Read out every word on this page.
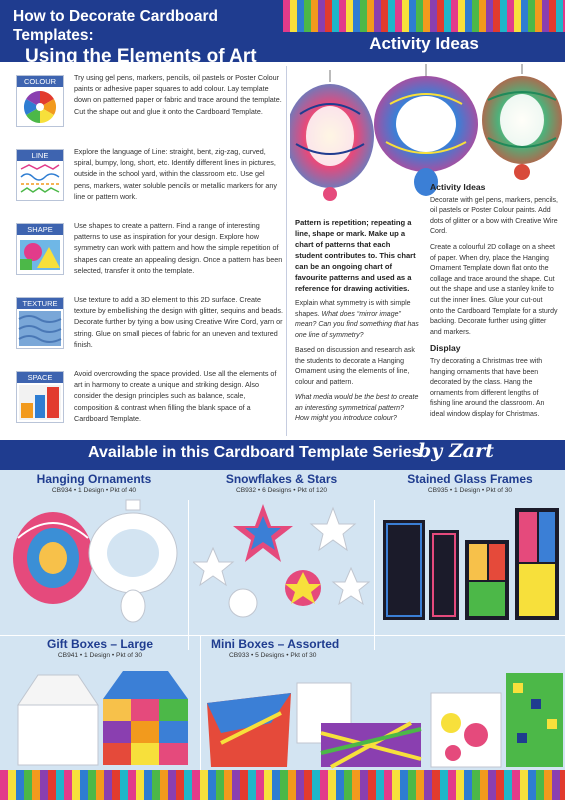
How to Decorate Cardboard Templates:
Using the Elements of Art
Activity Ideas
COLOUR	Try using gel pens, markers, pencils, oil pastels or Poster Colour paints or adhesive paper squares to add colour. Lay template down on patterned paper or fabric and trace around the template. Cut the shape out and glue it onto the Cardboard Template.
LINE	Explore the language of Line: straight, bent, zig-zag, curved, spiral, bumpy, long, short, etc. Identify different lines in pictures, outside in the school yard, within the classroom etc. Use gel pens, markers, water soluble pencils or metallic markers for any line or pattern work.
SHAPE	Use shapes to create a pattern. Find a range of interesting patterns to use as inspiration for your design. Explore how symmetry can work with pattern and how the simple repetition of shapes can create an appealing design. Once a pattern has been selected, transfer it onto the template.
TEXTURE	Use texture to add a 3D element to this 2D surface. Create texture by embellishing the design with glitter, sequins and beads. Decorate further by tying a bow using Creative Wire Cord, yarn or string. Glue on small pieces of fabric for an uneven and textured finish.
SPACE	Avoid overcrowding the space provided. Use all the elements of art in harmony to create a unique and striking design. Also consider the design principles such as balance, scale, composition & contrast when filling the blank space of a Cardboard Template.
Pattern is repetition; repeating a line, shape or mark. Make up a chart of patterns that each student contributes to. This chart can be an ongoing chart of favourite patterns and used as a reference for drawing activities.

Explain what symmetry is with simple shapes. What does “mirror image” mean? Can you find something that has one line of symmetry?

Based on discussion and research ask the students to decorate a Hanging Ornament using the elements of line, colour and pattern.

What media would be the best to create an interesting symmetrical pattern? How might you introduce colour?

Activity Ideas

Decorate with gel pens, markers, pencils, oil pastels or Poster Colour paints. Add dots of glitter or a bow with Creative Wire Cord.

Create a colourful 2D collage on a sheet of paper. When dry, place the Hanging Ornament Template down flat onto the collage and trace around the shape. Cut out the shape and use a stanley knife to cut the inner lines. Glue your cut-out onto the Cardboard Template for a sturdy backing. Decorate further using glitter and markers.

Display

Try decorating a Christmas tree with hanging ornaments that have been decorated by the class. Hang the ornaments from different lengths of fishing line around the classroom. An ideal window display for Christmas.

Available in this Cardboard Template Series
by Zart
Hanging Ornaments
CB934 • 1 Design • Pkt of 40
Snowflakes & Stars
CB932 • 6 Designs • Pkt of 120
Stained Glass Frames
CB935 • 1 Design • Pkt of 30
Gift Boxes – Large
CB941 • 1 Design • Pkt of 30
Mini Boxes – Assorted
CB933 • 5 Designs • Pkt of 30
